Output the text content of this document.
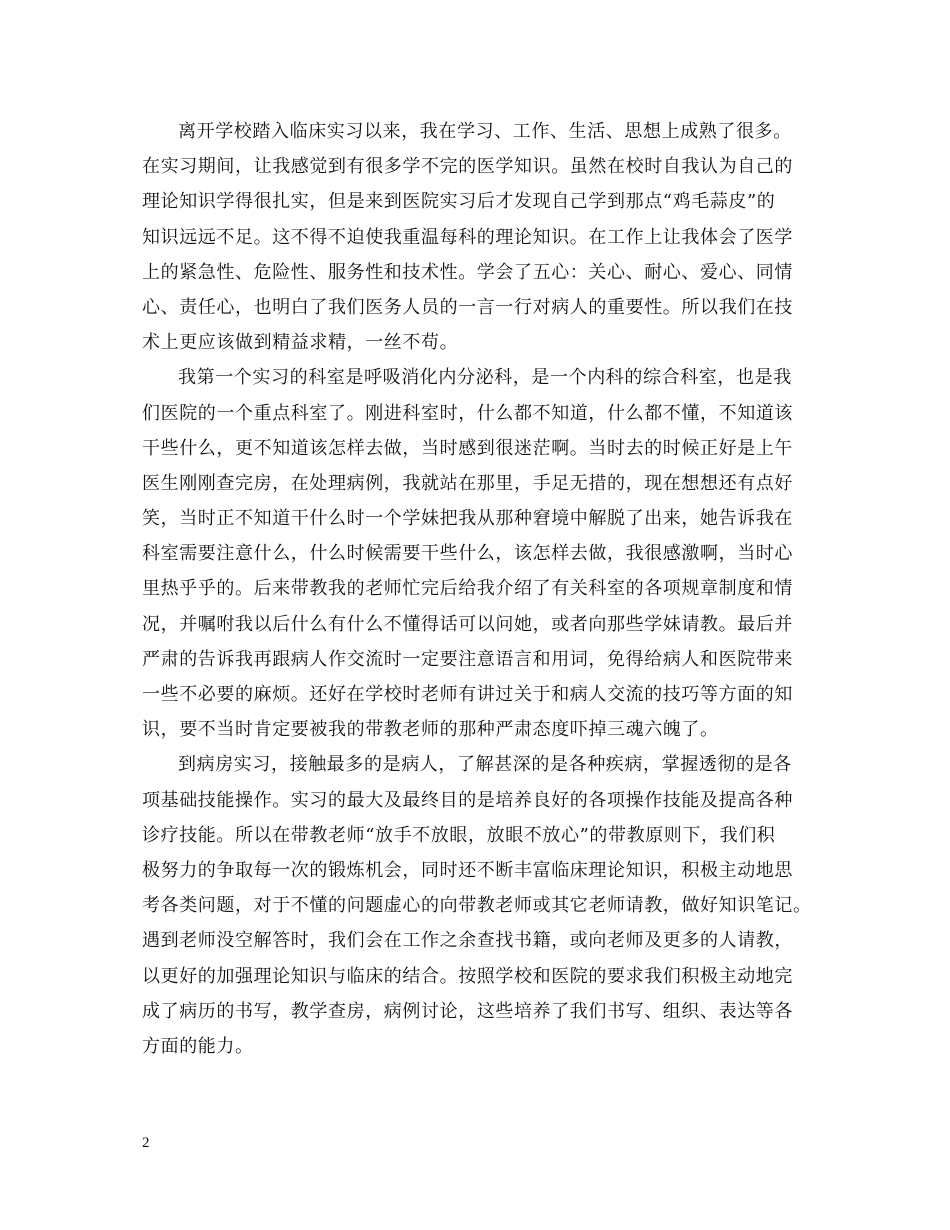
离开学校踏入临床实习以来，我在学习、工作、生活、思想上成熟了很多。
在实习期间，让我感觉到有很多学不完的医学知识。虽然在校时自我认为自己的
理论知识学得很扎实，但是来到医院实习后才发现自己学到那点“鸡毛蒜皮”的
知识远远不足。这不得不迫使我重温每科的理论知识。在工作上让我体会了医学
上的紧急性、危险性、服务性和技术性。学会了五心：关心、耐心、爱心、同情
心、责任心，也明白了我们医务人员的一言一行对病人的重要性。所以我们在技
术上更应该做到精益求精，一丝不苟。
我第一个实习的科室是呼吸消化内分泌科，是一个内科的综合科室，也是我
们医院的一个重点科室了。刚进科室时，什么都不知道，什么都不懂，不知道该
干些什么，更不知道该怎样去做，当时感到很迷茫啊。当时去的时候正好是上午
医生刚刚查完房，在处理病例，我就站在那里，手足无措的，现在想想还有点好
笑，当时正不知道干什么时一个学妹把我从那种窘境中解脱了出来，她告诉我在
科室需要注意什么，什么时候需要干些什么，该怎样去做，我很感激啊，当时心
里热乎乎的。后来带教我的老师忙完后给我介绍了有关科室的各项规章制度和情
况，并嘱咐我以后什么有什么不懂得话可以问她，或者向那些学妹请教。最后并
严肃的告诉我再跟病人作交流时一定要注意语言和用词，免得给病人和医院带来
一些不必要的麻烦。还好在学校时老师有讲过关于和病人交流的技巧等方面的知
识，要不当时肯定要被我的带教老师的那种严肃态度吓掉三魂六魄了。
到病房实习，接触最多的是病人，了解甚深的是各种疾病，掌握透彻的是各
项基础技能操作。实习的最大及最终目的是培养良好的各项操作技能及提高各种
诊疗技能。所以在带教老师“放手不放眼，放眼不放心”的带教原则下，我们积
极努力的争取每一次的锻炼机会，同时还不断丰富临床理论知识，积极主动地思
考各类问题，对于不懂的问题虚心的向带教老师或其它老师请教，做好知识笔记。
遇到老师没空解答时，我们会在工作之余查找书籍，或向老师及更多的人请教，
以更好的加强理论知识与临床的结合。按照学校和医院的要求我们积极主动地完
成了病历的书写，教学查房，病例讨论，这些培养了我们书写、组织、表达等各
方面的能力。
2
